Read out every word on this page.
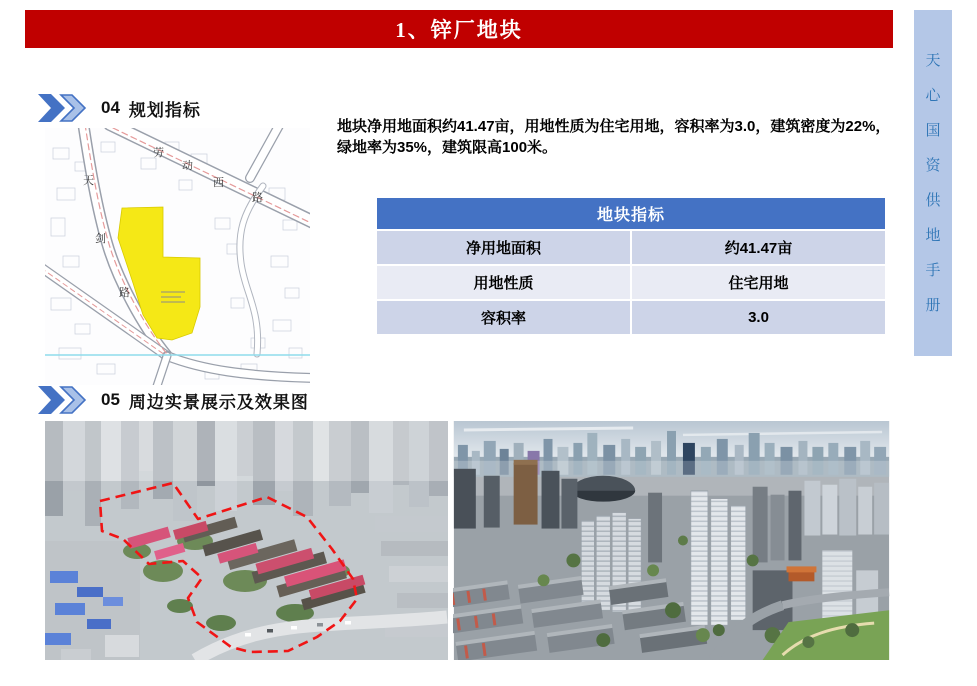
1、锌厂地块
天
心
国
资
供
地
手
册
04 规划指标
劳
动
西
路
天
剑
路

地块净用地面积约41.47亩，用地性质为住宅用地，容积率为3.0，建筑密度为22%，绿地率为35%，建筑限高100米。

地块指标
净用地面积	约41.47亩
用地性质	住宅用地
容积率	3.0
05 周边实景展示及效果图
